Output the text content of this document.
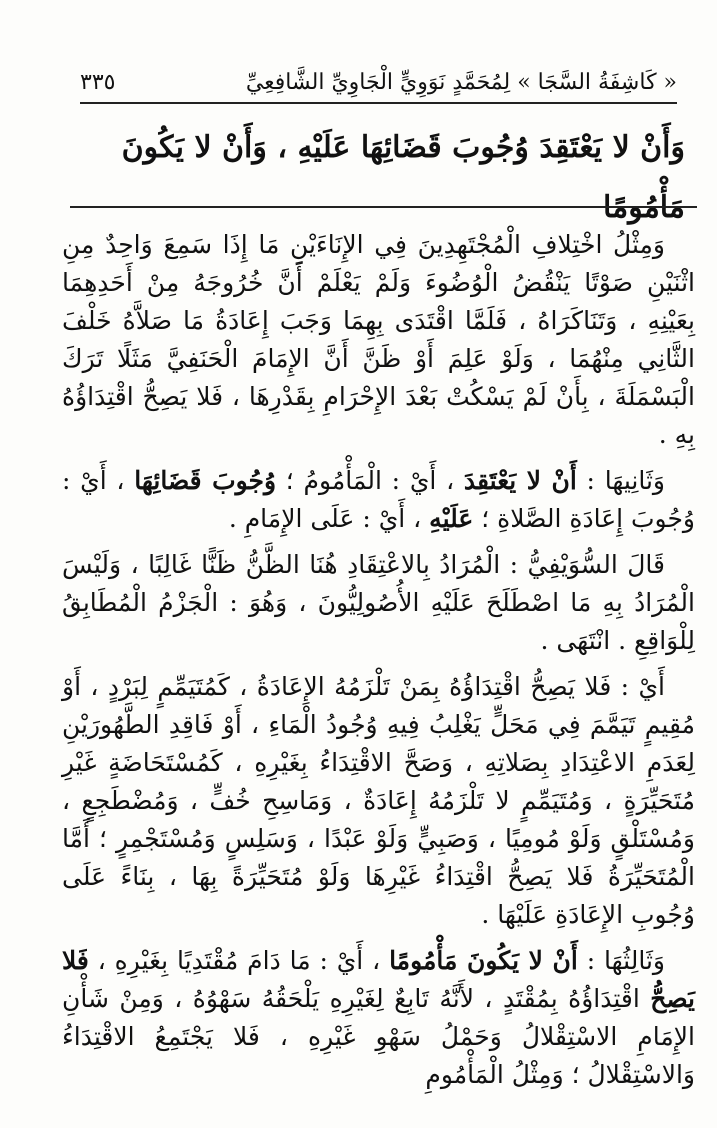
٣٣٥	« كَاشِفَةُ السَّجَا » لِمُحَمَّدٍ نَوَوِيٍّ الْجَاوِيِّ الشَّافِعِيِّ
وَأَنْ لا يَعْتَقِدَ وُجُوبَ قَضَائِهَا عَلَيْهِ ، وَأَنْ لا يَكُونَ مَأْمُومًا

وَمِثْلُ اخْتِلافِ الْمُجْتَهِدِينَ فِي الإِنَاءَيْنِ مَا إِذَا سَمِعَ وَاحِدٌ مِنِ اثْنَيْنِ صَوْتًا يَنْقُضُ الْوُضُوءَ وَلَمْ يَعْلَمْ أَنَّ خُرُوجَهُ مِنْ أَحَدِهِمَا بِعَيْنِهِ ، وَتَنَاكَرَاهُ ، فَلَمَّا اقْتَدَى بِهِمَا وَجَبَ إِعَادَةُ مَا صَلاَّهُ خَلْفَ الثَّانِي مِنْهُمَا ، وَلَوْ عَلِمَ أَوْ ظَنَّ أَنَّ الإِمَامَ الْحَنَفِيَّ مَثَلًا تَرَكَ الْبَسْمَلَةَ ، بِأَنْ لَمْ يَسْكُتْ بَعْدَ الإِحْرَامِ بِقَدْرِهَا ، فَلا يَصِحُّ اقْتِدَاؤُهُ بِهِ .

وَثَانِيهَا : أَنْ لا يَعْتَقِدَ ، أَيْ : الْمَأْمُومُ ؛ وُجُوبَ قَضَائِهَا ، أَيْ : وُجُوبَ إِعَادَةِ الصَّلاةِ ؛ عَلَيْهِ ، أَيْ : عَلَى الإِمَامِ .

قَالَ السُّوَيْفِيُّ : الْمُرَادُ بِالاعْتِقَادِ هُنَا الظَّنُّ ظَنًّا غَالِبًا ، وَلَيْسَ الْمُرَادُ بِهِ مَا اصْطَلَحَ عَلَيْهِ الأُصُولِيُّونَ ، وَهُوَ : الْجَزْمُ الْمُطَابِقُ لِلْوَاقِعِ . انْتَهَى .

أَيْ : فَلا يَصِحُّ اقْتِدَاؤُهُ بِمَنْ تَلْزَمُهُ الإِعَادَةُ ، كَمُتَيَمِّمٍ لِبَرْدٍ ، أَوْ مُقِيمٍ تَيَمَّمَ فِي مَحَلٍّ يَغْلِبُ فِيهِ وُجُودُ الْمَاءِ ، أَوْ فَاقِدِ الطَّهُورَيْنِ لِعَدَمِ الاعْتِدَادِ بِصَلاتِهِ ، وَصَحَّ الاقْتِدَاءُ بِغَيْرِهِ ، كَمُسْتَحَاضَةٍ غَيْرِ مُتَحَيِّرَةٍ ، وَمُتَيَمِّمٍ لا تَلْزَمُهُ إِعَادَةٌ ، وَمَاسِحِ خُفٍّ ، وَمُضْطَجِعٍ ، وَمُسْتَلْقٍ وَلَوْ مُومِيًا ، وَصَبِيٍّ وَلَوْ عَبْدًا ، وَسَلِسٍ وَمُسْتَجْمِرٍ ؛ أَمَّا الْمُتَحَيِّرَةُ فَلا يَصِحُّ اقْتِدَاءُ غَيْرِهَا وَلَوْ مُتَحَيِّرَةً بِهَا ، بِنَاءً عَلَى وُجُوبِ الإِعَادَةِ عَلَيْهَا .

وَثَالِثُهَا : أَنْ لا يَكُونَ مَأْمُومًا ، أَيْ : مَا دَامَ مُقْتَدِيًا بِغَيْرِهِ ، فَلا يَصِحُّ اقْتِدَاؤُهُ بِمُقْتَدٍ ، لأَنَّهُ تَابِعٌ لِغَيْرِهِ يَلْحَقُهُ سَهْوُهُ ، وَمِنْ شَأْنِ الإِمَامِ الاسْتِقْلالُ وَحَمْلُ سَهْوِ غَيْرِهِ ، فَلا يَجْتَمِعُ الاقْتِدَاءُ وَالاسْتِقْلالُ ؛ وَمِثْلُ الْمَأْمُومِ
